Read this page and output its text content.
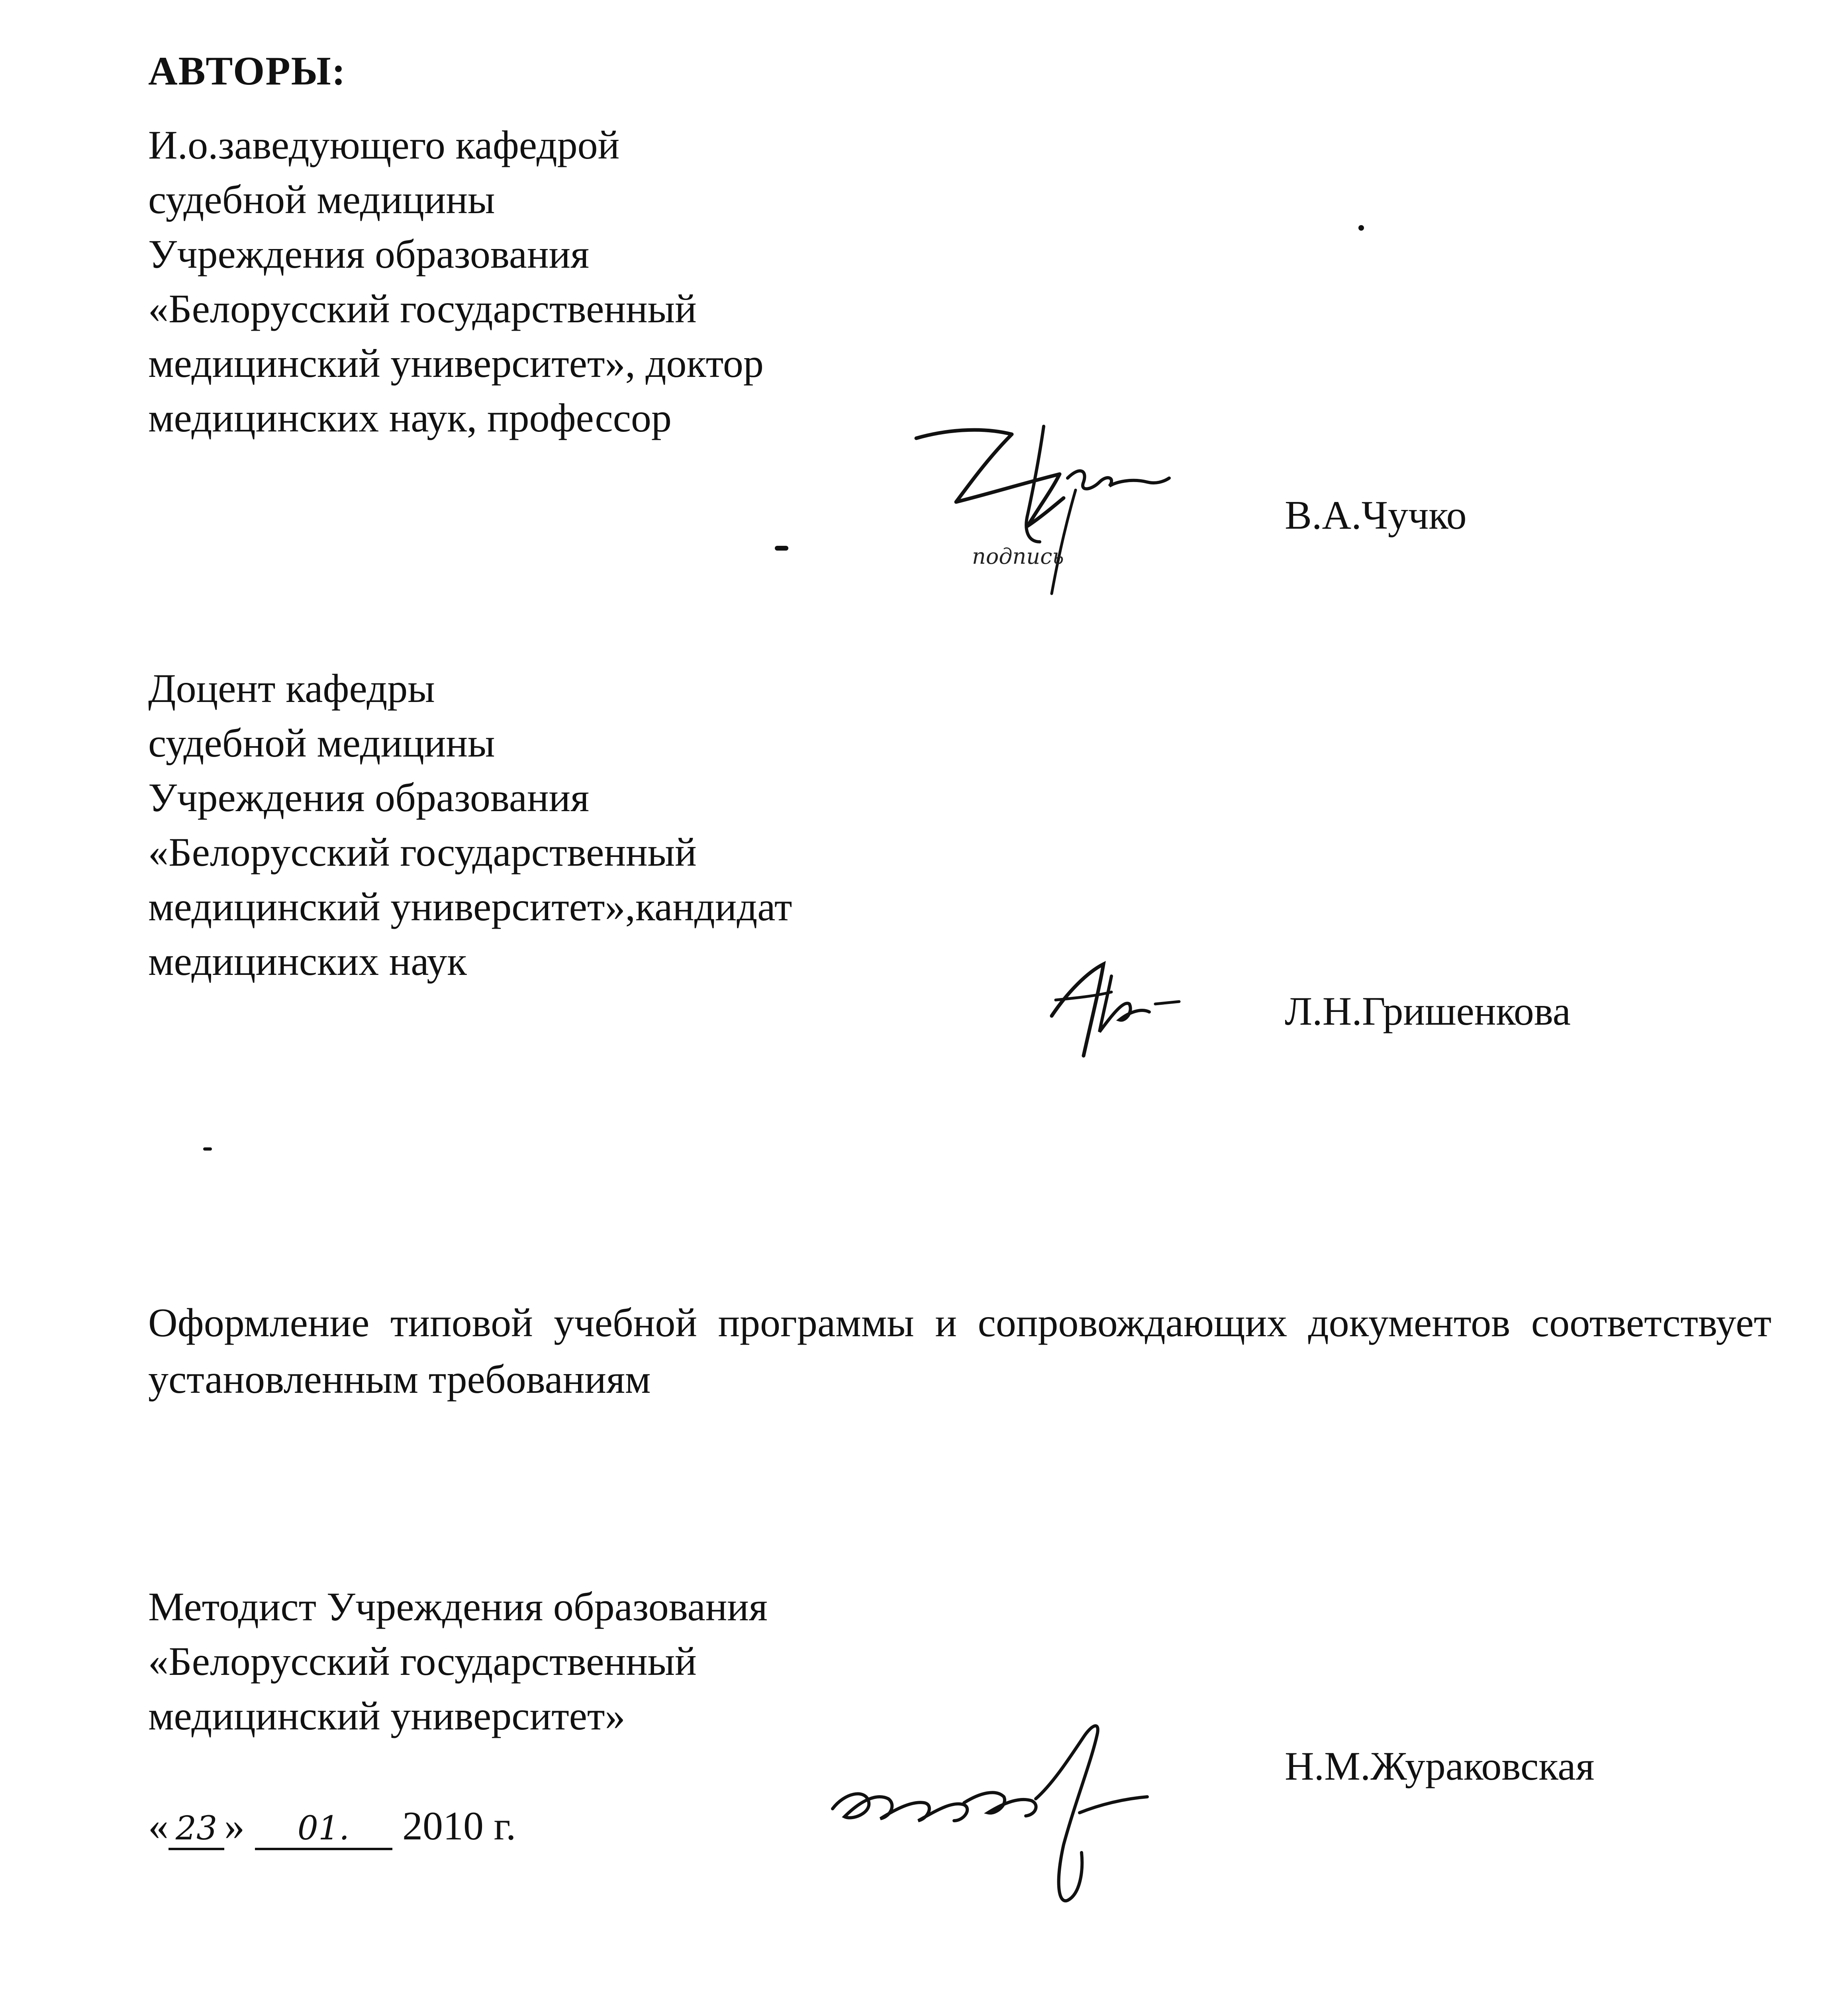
АВТОРЫ:
И.о.заведующего кафедрой
судебной медицины
Учреждения образования
«Белорусский государственный
медицинский университет», доктор
медицинских наук, профессор
подпись
В.А.Чучко
Доцент кафедры
судебной медицины
Учреждения образования
«Белорусский государственный
медицинский университет»,кандидат
медицинских наук
Л.Н.Гришенкова
Оформление типовой учебной программы и сопровождающих документов соответствует установленным требованиям
Методист Учреждения образования
«Белорусский государственный
медицинский университет»
« 23 » 01. 2010 г.
Н.М.Журaковская
